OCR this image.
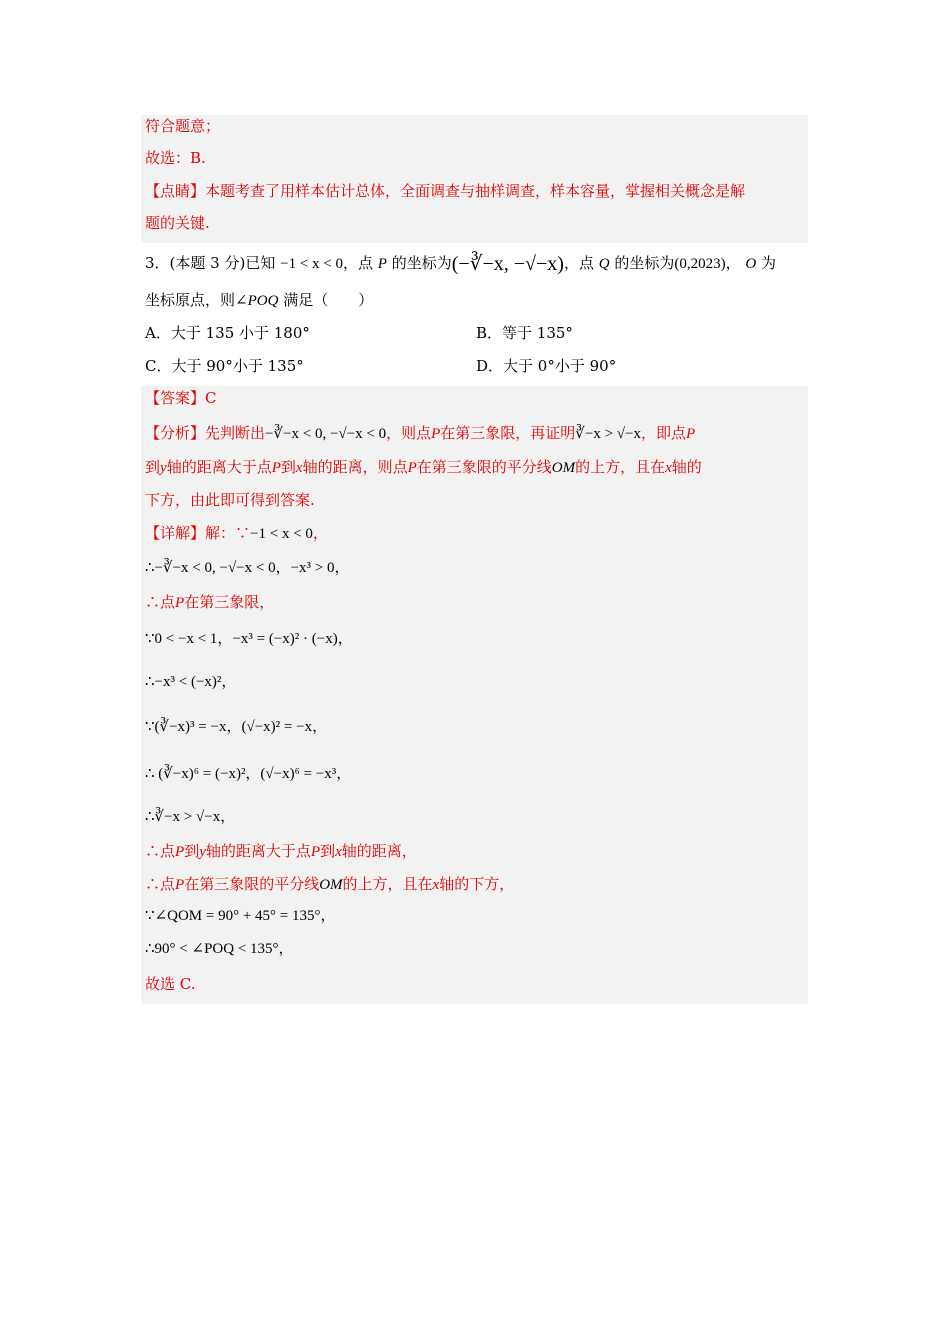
符合题意；
故选：B.
【点睛】本题考查了用样本估计总体，全面调查与抽样调查，样本容量，掌握相关概念是解
题的关键.
3．(本题 3 分)已知 −1 < x < 0，点 P 的坐标为(−∛−x, −√−x)，点 Q 的坐标为(0,2023)， O 为
坐标原点，则∠POQ 满足（　　）
A．大于 135 小于 180°	B．等于 135°
C．大于 90°小于 135°	D．大于 0°小于 90°
【答案】C
【分析】先判断出−∛−x < 0, −√−x < 0，则点P在第三象限，再证明∛−x > √−x，即点P
到y轴的距离大于点P到x轴的距离，则点P在第三象限的平分线OM的上方，且在x轴的
下方，由此即可得到答案.
【详解】解：∵−1 < x < 0，
∴−∛−x < 0, −√−x < 0，−x³ > 0，
∴点P在第三象限，
∵0 < −x < 1，−x³ = (−x)² · (−x)，
∴−x³ < (−x)²，
∵(∛−x)³ = −x，(√−x)² = −x，
∴ (∛−x)⁶ = (−x)²，(√−x)⁶ = −x³，
∴∛−x > √−x，
∴点P到y轴的距离大于点P到x轴的距离，
∴点P在第三象限的平分线OM的上方，且在x轴的下方，
∵∠QOM = 90° + 45° = 135°，
∴90° < ∠POQ < 135°，
故选 C.
